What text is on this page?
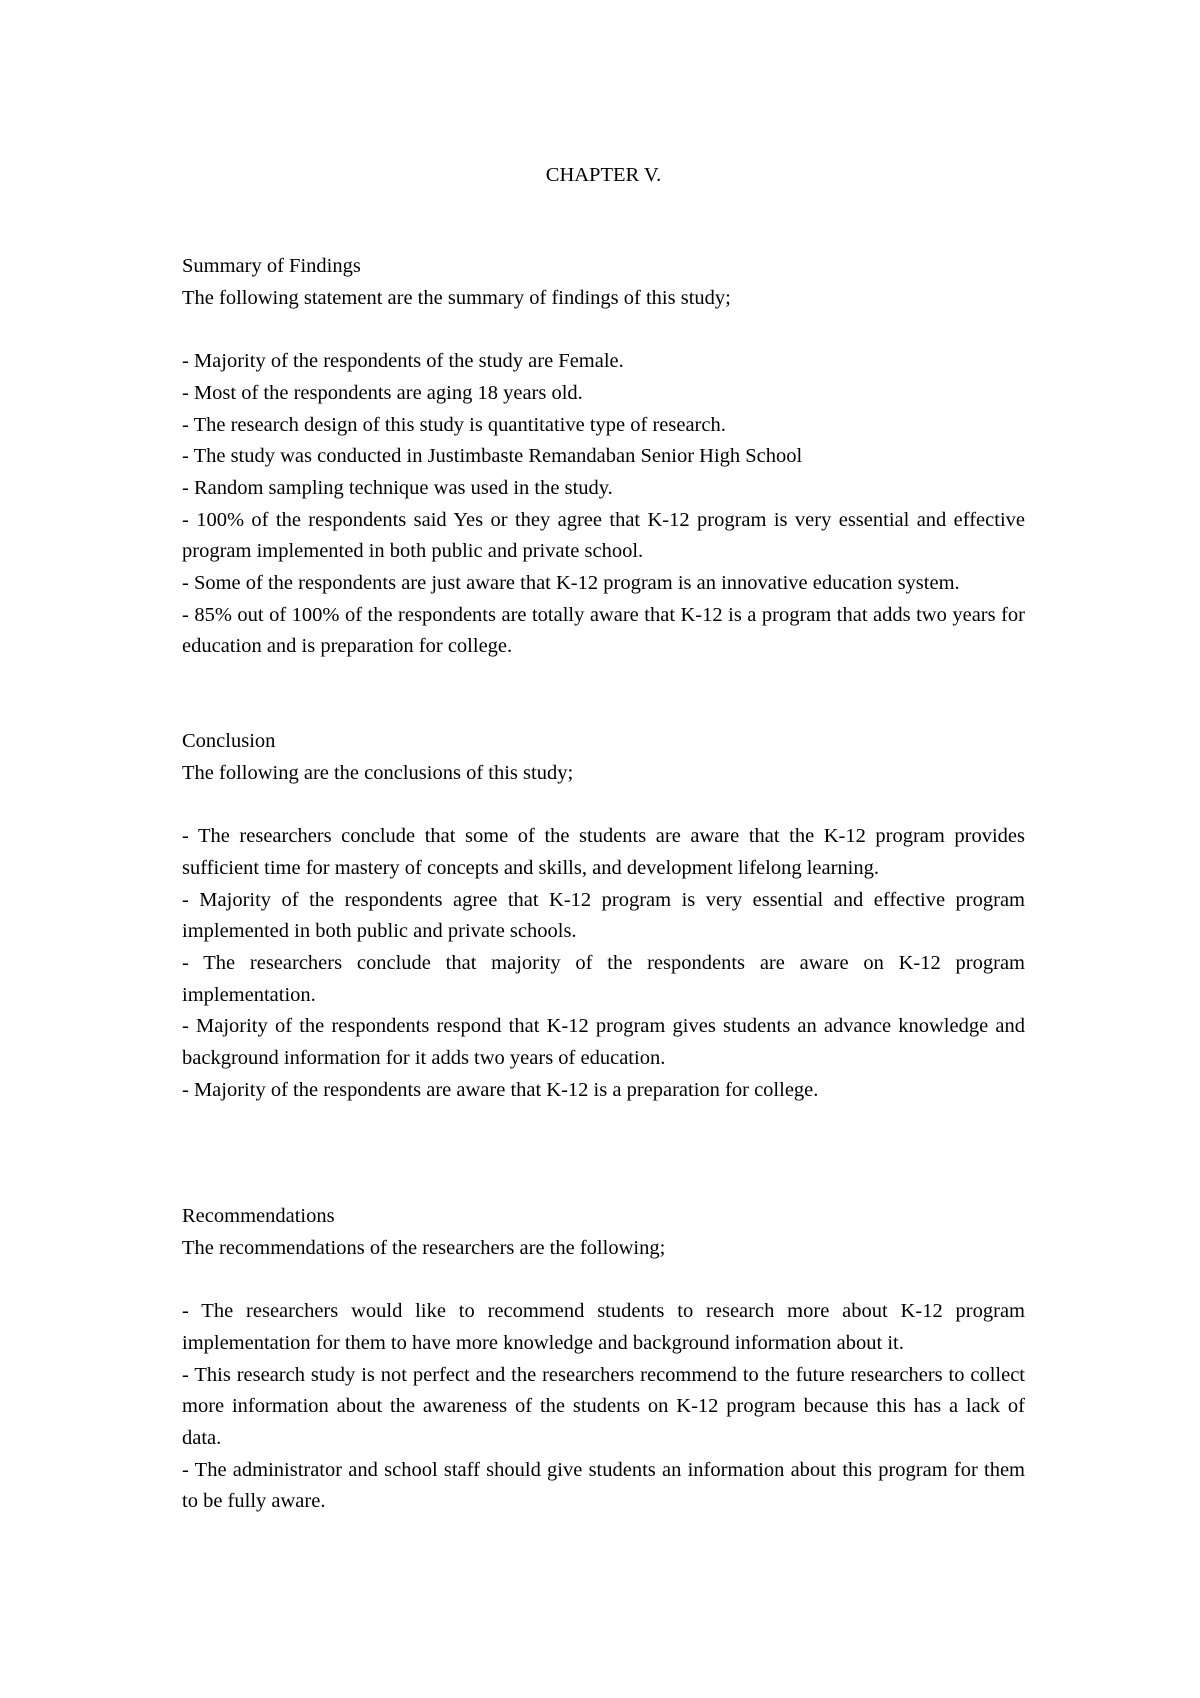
CHAPTER V.
Summary of Findings

The following statement are the summary of findings of this study;

- Majority of the respondents of the study are Female.

- Most of the respondents are aging 18 years old.

- The research design of this study is quantitative type of research.

- The study was conducted in Justimbaste Remandaban Senior High School

- Random sampling technique was used in the study.

- 100% of the respondents said Yes or they agree that K-12 program is very essential and effective program implemented in both public and private school.

- Some of the respondents are just aware that K-12 program is an innovative education system.

- 85% out of 100% of the respondents are totally aware that K-12 is a program that adds two years for education and is preparation for college.

Conclusion

The following are the conclusions of this study;

- The researchers conclude that some of the students are aware that the K-12 program provides sufficient time for mastery of concepts and skills, and development lifelong learning.

- Majority of the respondents agree that K-12 program is very essential and effective program implemented in both public and private schools.

- The researchers conclude that majority of the respondents are aware on K-12 program implementation.

- Majority of the respondents respond that K-12 program gives students an advance knowledge and background information for it adds two years of education.

- Majority of the respondents are aware that K-12 is a preparation for college.

Recommendations

The recommendations of the researchers are the following;

- The researchers would like to recommend students to research more about K-12 program implementation for them to have more knowledge and background information about it.

- This research study is not perfect and the researchers recommend to the future researchers to collect more information about the awareness of the students on K-12 program because this has a lack of data.

- The administrator and school staff should give students an information about this program for them to be fully aware.
